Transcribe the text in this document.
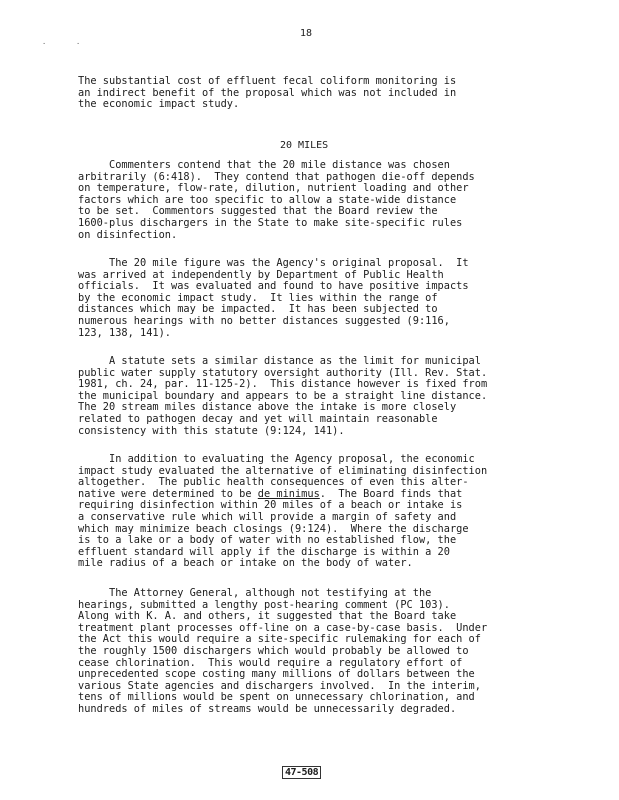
.	.
18
The substantial cost of effluent fecal coliform monitoring is
an indirect benefit of the proposal which was not included in
the economic impact study.
20 MILES
Commenters contend that the 20 mile distance was chosen
arbitrarily (6:418).  They contend that pathogen die-off depends
on temperature, flow-rate, dilution, nutrient loading and other
factors which are too specific to allow a state-wide distance
to be set.  Commentors suggested that the Board review the
1600-plus dischargers in the State to make site-specific rules
on disinfection.
The 20 mile figure was the Agency's original proposal.  It
was arrived at independently by Department of Public Health
officials.  It was evaluated and found to have positive impacts
by the economic impact study.  It lies within the range of
distances which may be impacted.  It has been subjected to
numerous hearings with no better distances suggested (9:116,
123, 138, 141).
A statute sets a similar distance as the limit for municipal
public water supply statutory oversight authority (Ill. Rev. Stat.
1981, ch. 24, par. 11-125-2).  This distance however is fixed from
the municipal boundary and appears to be a straight line distance.
The 20 stream miles distance above the intake is more closely
related to pathogen decay and yet will maintain reasonable
consistency with this statute (9:124, 141).
In addition to evaluating the Agency proposal, the economic
impact study evaluated the alternative of eliminating disinfection
altogether.  The public health consequences of even this alter-
native were determined to be de minimus.  The Board finds that
requiring disinfection within 20 miles of a beach or intake is
a conservative rule which will provide a margin of safety and
which may minimize beach closings (9:124).  Where the discharge
is to a lake or a body of water with no established flow, the
effluent standard will apply if the discharge is within a 20
mile radius of a beach or intake on the body of water.
The Attorney General, although not testifying at the
hearings, submitted a lengthy post-hearing comment (PC 103).
Along with K. A. and others, it suggested that the Board take
treatment plant processes off-line on a case-by-case basis.  Under
the Act this would require a site-specific rulemaking for each of
the roughly 1500 dischargers which would probably be allowed to
cease chlorination.  This would require a regulatory effort of
unprecedented scope costing many millions of dollars between the
various State agencies and dischargers involved.  In the interim,
tens of millions would be spent on unnecessary chlorination, and
hundreds of miles of streams would be unnecessarily degraded.
47-508
